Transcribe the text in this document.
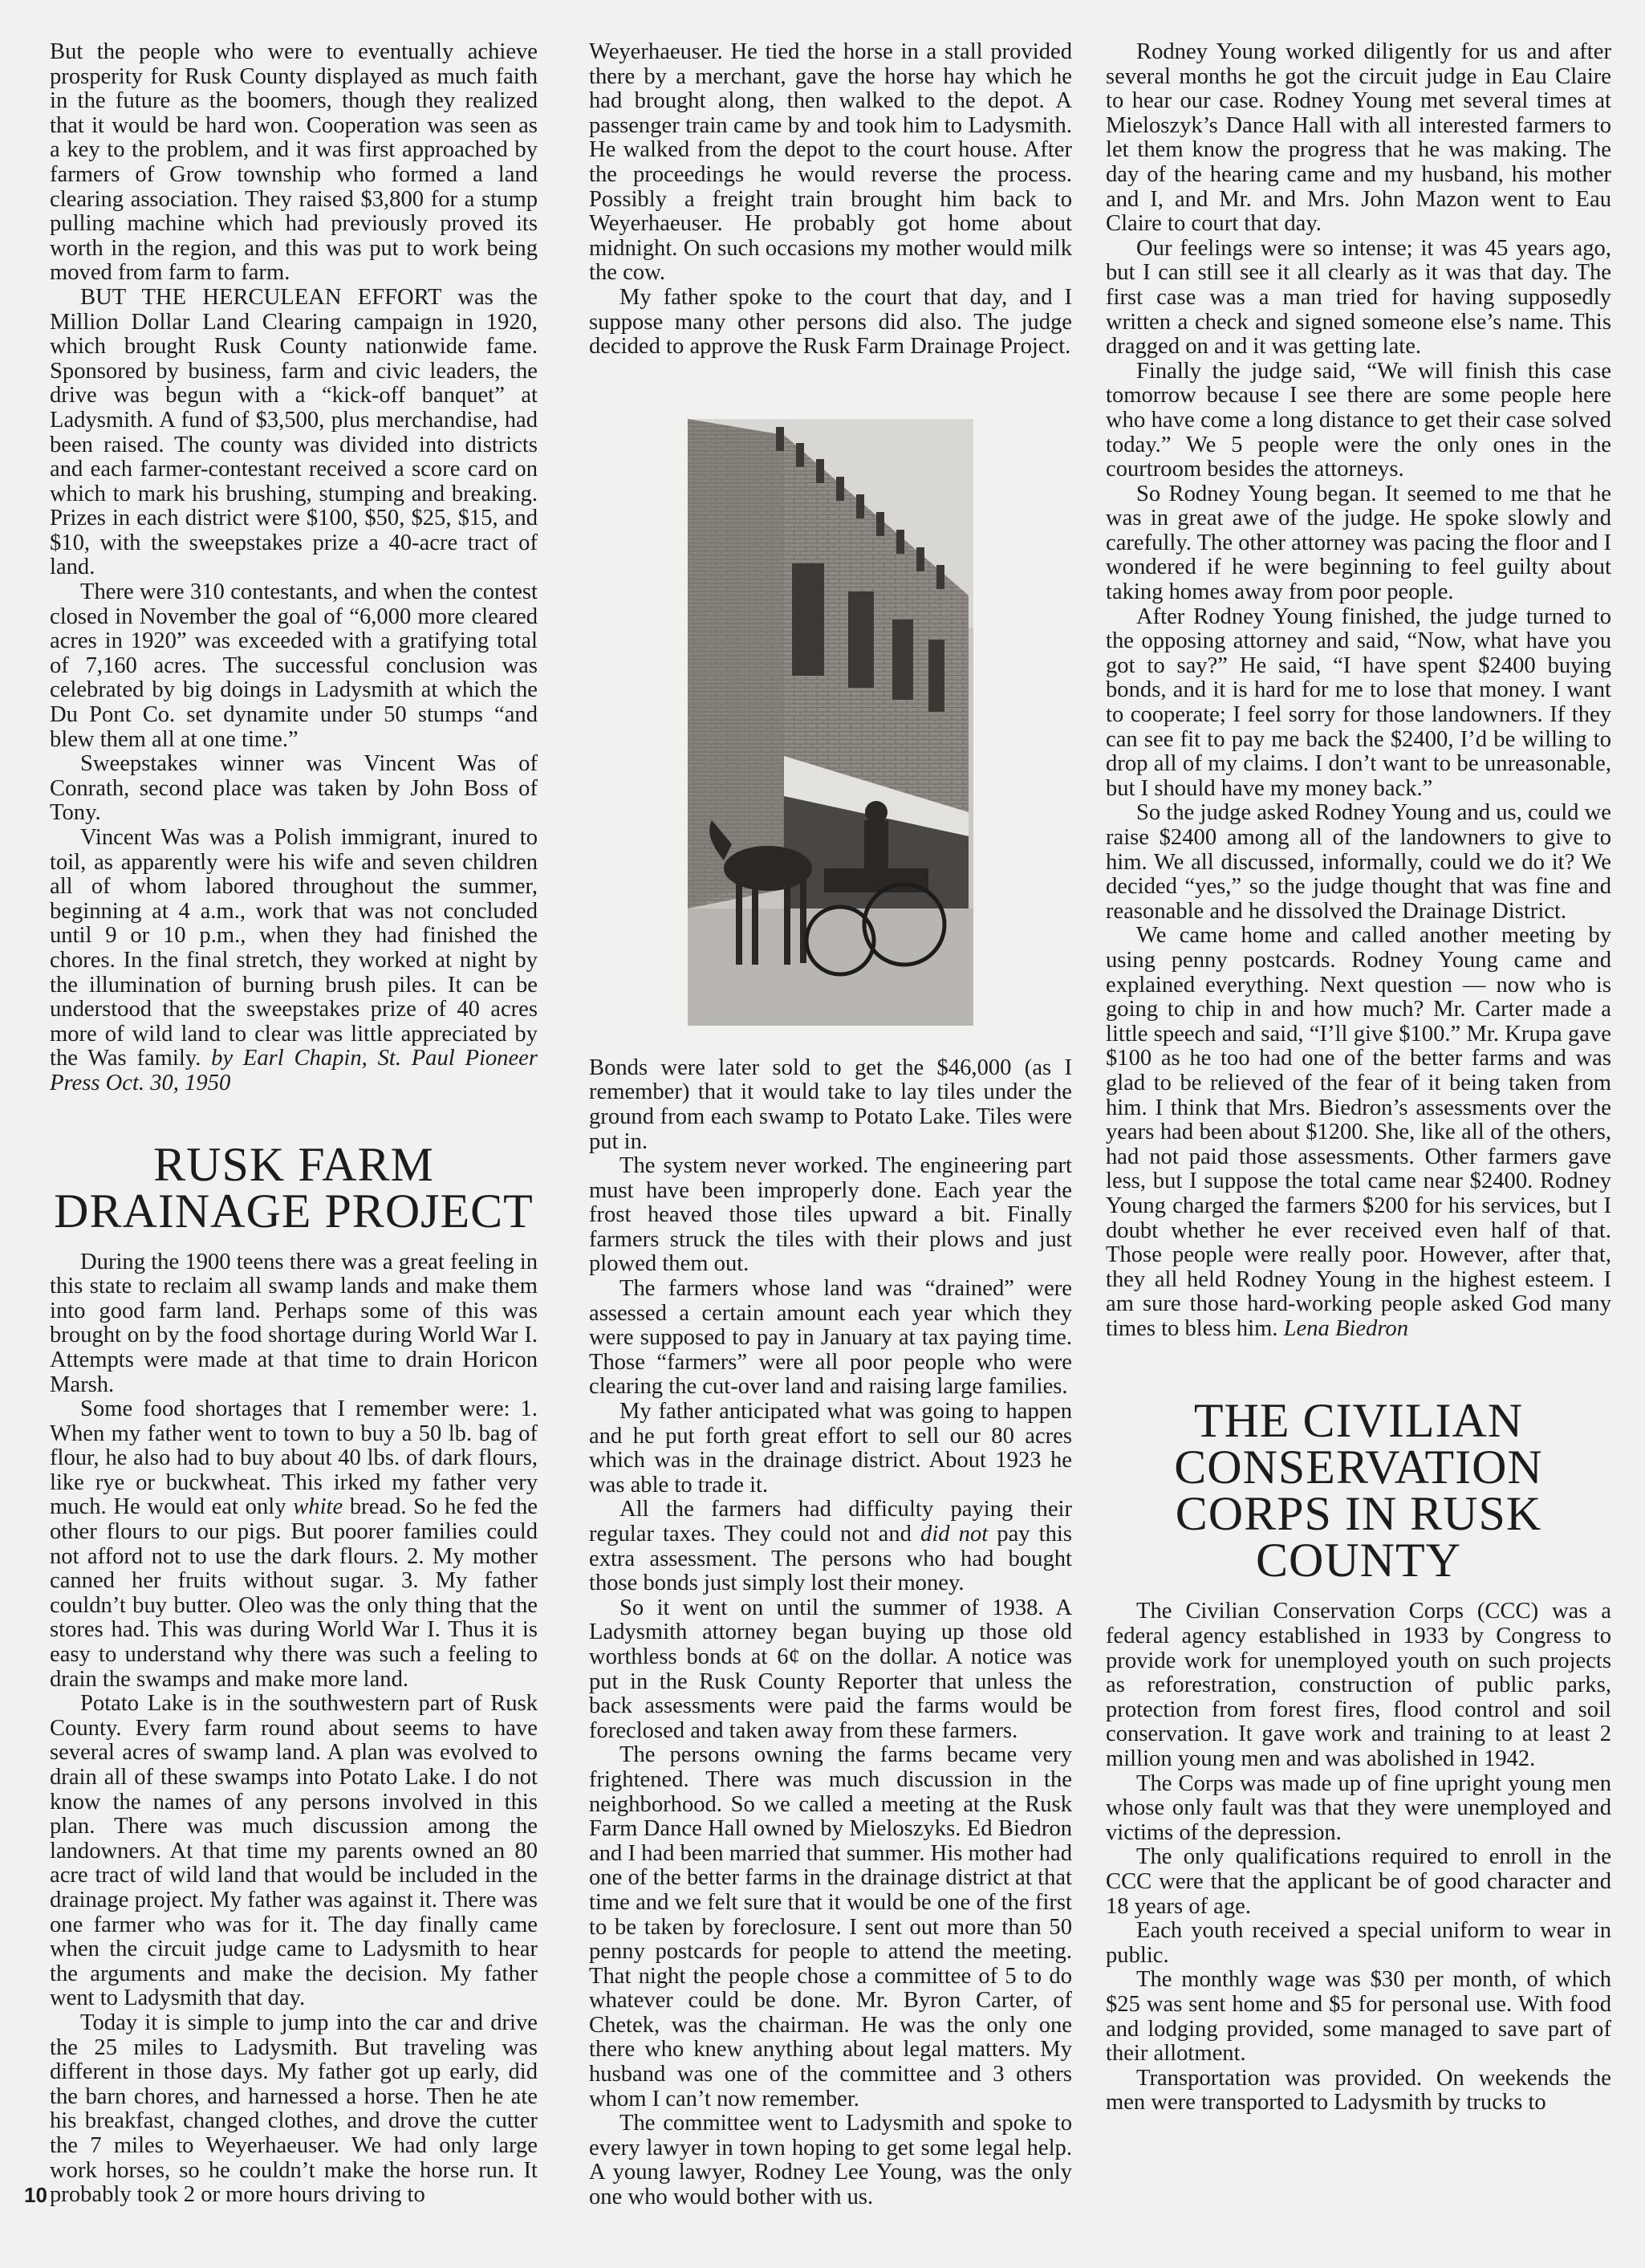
But the people who were to eventually achieve prosperity for Rusk County displayed as much faith in the future as the boomers, though they realized that it would be hard won. Cooperation was seen as a key to the problem, and it was first approached by farmers of Grow township who formed a land clearing association. They raised $3,800 for a stump pulling machine which had previously proved its worth in the region, and this was put to work being moved from farm to farm.

BUT THE HERCULEAN EFFORT was the Million Dollar Land Clearing campaign in 1920, which brought Rusk County nationwide fame. Sponsored by business, farm and civic leaders, the drive was begun with a “kick-off banquet” at Ladysmith. A fund of $3,500, plus merchandise, had been raised. The county was divided into districts and each farmer-contestant received a score card on which to mark his brushing, stumping and breaking. Prizes in each district were $100, $50, $25, $15, and $10, with the sweepstakes prize a 40-acre tract of land.

There were 310 contestants, and when the contest closed in November the goal of “6,000 more cleared acres in 1920” was exceeded with a gratifying total of 7,160 acres. The successful conclusion was celebrated by big doings in Ladysmith at which the Du Pont Co. set dynamite under 50 stumps “and blew them all at one time.”

Sweepstakes winner was Vincent Was of Conrath, second place was taken by John Boss of Tony.

Vincent Was was a Polish immigrant, inured to toil, as apparently were his wife and seven children all of whom labored throughout the summer, beginning at 4 a.m., work that was not concluded until 9 or 10 p.m., when they had finished the chores. In the final stretch, they worked at night by the illumination of burning brush piles. It can be understood that the sweepstakes prize of 40 acres more of wild land to clear was little appreciated by the Was family. by Earl Chapin, St. Paul Pioneer Press Oct. 30, 1950

RUSK FARM DRAINAGE PROJECT

During the 1900 teens there was a great feeling in this state to reclaim all swamp lands and make them into good farm land. Perhaps some of this was brought on by the food shortage during World War I. Attempts were made at that time to drain Horicon Marsh.

Some food shortages that I remember were: 1. When my father went to town to buy a 50 lb. bag of flour, he also had to buy about 40 lbs. of dark flours, like rye or buckwheat. This irked my father very much. He would eat only white bread. So he fed the other flours to our pigs. But poorer families could not afford not to use the dark flours. 2. My mother canned her fruits without sugar. 3. My father couldn’t buy butter. Oleo was the only thing that the stores had. This was during World War I. Thus it is easy to understand why there was such a feeling to drain the swamps and make more land.

Potato Lake is in the southwestern part of Rusk County. Every farm round about seems to have several acres of swamp land. A plan was evolved to drain all of these swamps into Potato Lake. I do not know the names of any persons involved in this plan. There was much discussion among the landowners. At that time my parents owned an 80 acre tract of wild land that would be included in the drainage project. My father was against it. There was one farmer who was for it. The day finally came when the circuit judge came to Ladysmith to hear the arguments and make the decision. My father went to Ladysmith that day.

Today it is simple to jump into the car and drive the 25 miles to Ladysmith. But traveling was different in those days. My father got up early, did the barn chores, and harnessed a horse. Then he ate his breakfast, changed clothes, and drove the cutter the 7 miles to Weyerhaeuser. We had only large work horses, so he couldn’t make the horse run. It probably took 2 or more hours driving to

Weyerhaeuser. He tied the horse in a stall provided there by a merchant, gave the horse hay which he had brought along, then walked to the depot. A passenger train came by and took him to Ladysmith. He walked from the depot to the court house. After the proceedings he would reverse the process. Possibly a freight train brought him back to Weyerhaeuser. He probably got home about midnight. On such occasions my mother would milk the cow.

My father spoke to the court that day, and I suppose many other persons did also. The judge decided to approve the Rusk Farm Drainage Project.

Bonds were later sold to get the $46,000 (as I remember) that it would take to lay tiles under the ground from each swamp to Potato Lake. Tiles were put in.

The system never worked. The engineering part must have been improperly done. Each year the frost heaved those tiles upward a bit. Finally farmers struck the tiles with their plows and just plowed them out.

The farmers whose land was “drained” were assessed a certain amount each year which they were supposed to pay in January at tax paying time. Those “farmers” were all poor people who were clearing the cut-over land and raising large families.

My father anticipated what was going to happen and he put forth great effort to sell our 80 acres which was in the drainage district. About 1923 he was able to trade it.

All the farmers had difficulty paying their regular taxes. They could not and did not pay this extra assessment. The persons who had bought those bonds just simply lost their money.

So it went on until the summer of 1938. A Ladysmith attorney began buying up those old worthless bonds at 6¢ on the dollar. A notice was put in the Rusk County Reporter that unless the back assessments were paid the farms would be foreclosed and taken away from these farmers.

The persons owning the farms became very frightened. There was much discussion in the neighborhood. So we called a meeting at the Rusk Farm Dance Hall owned by Mieloszyks. Ed Biedron and I had been married that summer. His mother had one of the better farms in the drainage district at that time and we felt sure that it would be one of the first to be taken by foreclosure. I sent out more than 50 penny postcards for people to attend the meeting. That night the people chose a committee of 5 to do whatever could be done. Mr. Byron Carter, of Chetek, was the chairman. He was the only one there who knew anything about legal matters. My husband was one of the committee and 3 others whom I can’t now remember.

The committee went to Ladysmith and spoke to every lawyer in town hoping to get some legal help. A young lawyer, Rodney Lee Young, was the only one who would bother with us.

Rodney Young worked diligently for us and after several months he got the circuit judge in Eau Claire to hear our case. Rodney Young met several times at Mieloszyk’s Dance Hall with all interested farmers to let them know the progress that he was making. The day of the hearing came and my husband, his mother and I, and Mr. and Mrs. John Mazon went to Eau Claire to court that day.

Our feelings were so intense; it was 45 years ago, but I can still see it all clearly as it was that day. The first case was a man tried for having supposedly written a check and signed someone else’s name. This dragged on and it was getting late.

Finally the judge said, “We will finish this case tomorrow because I see there are some people here who have come a long distance to get their case solved today.” We 5 people were the only ones in the courtroom besides the attorneys.

So Rodney Young began. It seemed to me that he was in great awe of the judge. He spoke slowly and carefully. The other attorney was pacing the floor and I wondered if he were beginning to feel guilty about taking homes away from poor people.

After Rodney Young finished, the judge turned to the opposing attorney and said, “Now, what have you got to say?” He said, “I have spent $2400 buying bonds, and it is hard for me to lose that money. I want to cooperate; I feel sorry for those landowners. If they can see fit to pay me back the $2400, I’d be willing to drop all of my claims. I don’t want to be unreasonable, but I should have my money back.”

So the judge asked Rodney Young and us, could we raise $2400 among all of the landowners to give to him. We all discussed, informally, could we do it? We decided “yes,” so the judge thought that was fine and reasonable and he dissolved the Drainage District.

We came home and called another meeting by using penny postcards. Rodney Young came and explained everything. Next question — now who is going to chip in and how much? Mr. Carter made a little speech and said, “I’ll give $100.” Mr. Krupa gave $100 as he too had one of the better farms and was glad to be relieved of the fear of it being taken from him. I think that Mrs. Biedron’s assessments over the years had been about $1200. She, like all of the others, had not paid those assessments. Other farmers gave less, but I suppose the total came near $2400. Rodney Young charged the farmers $200 for his services, but I doubt whether he ever received even half of that. Those people were really poor. However, after that, they all held Rodney Young in the highest esteem. I am sure those hard-working people asked God many times to bless him. Lena Biedron

THE CIVILIAN CONSERVATION CORPS IN RUSK COUNTY

The Civilian Conservation Corps (CCC) was a federal agency established in 1933 by Congress to provide work for unemployed youth on such projects as reforestration, construction of public parks, protection from forest fires, flood control and soil conservation. It gave work and training to at least 2 million young men and was abolished in 1942.

The Corps was made up of fine upright young men whose only fault was that they were unemployed and victims of the depression.

The only qualifications required to enroll in the CCC were that the applicant be of good character and 18 years of age.

Each youth received a special uniform to wear in public.

The monthly wage was $30 per month, of which $25 was sent home and $5 for personal use. With food and lodging provided, some managed to save part of their allotment.

Transportation was provided. On weekends the men were transported to Ladysmith by trucks to

10
